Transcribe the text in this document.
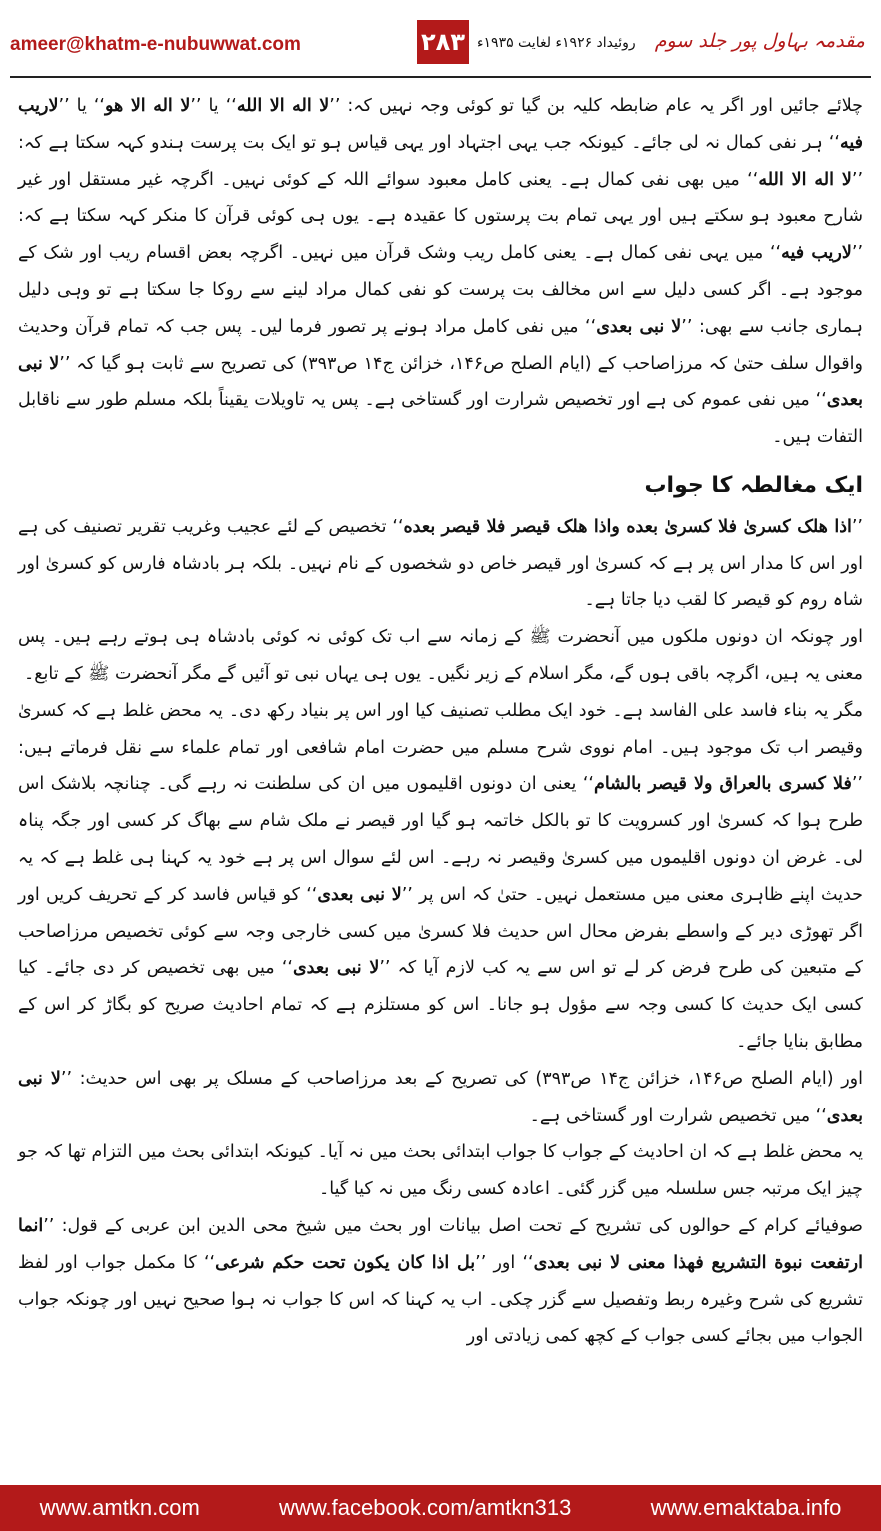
ameer@khatm-e-nubuwwat.com	۲۸۳	مقدمہ بہاول پور جلد سوم روئیداد ۱۹۲۶ء لغایت ۱۹۳۵ء

چلائے جائیں اور اگر یہ عام ضابطہ کلیہ بن گیا تو کوئی وجہ نہیں کہ: ’’لا اله الا الله‘‘ یا ’’لا اله الا هو‘‘ یا ’’لاریب فیه‘‘ ہر نفی کمال نہ لی جائے۔ کیونکہ جب یہی اجتہاد اور یہی قیاس ہو تو ایک بت پرست ہندو کہہ سکتا ہے کہ: ’’لا اله الا الله‘‘ میں بھی نفی کمال ہے۔ یعنی کامل معبود سوائے اللہ کے کوئی نہیں۔ اگرچہ غیر مستقل اور غیر شارح معبود ہو سکتے ہیں اور یہی تمام بت پرستوں کا عقیدہ ہے۔ یوں ہی کوئی قرآن کا منکر کہہ سکتا ہے کہ: ’’لاریب فیه‘‘ میں یہی نفی کمال ہے۔ یعنی کامل ریب وشک قرآن میں نہیں۔ اگرچہ بعض اقسام ریب اور شک کے موجود ہے۔ اگر کسی دلیل سے اس مخالف بت پرست کو نفی کمال مراد لینے سے روکا جا سکتا ہے تو وہی دلیل ہماری جانب سے بھی: ’’لا نبی بعدی‘‘ میں نفی کامل مراد ہونے پر تصور فرما لیں۔ پس جب کہ تمام قرآن وحدیث واقوال سلف حتیٰ کہ مرزاصاحب کے (ایام الصلح ص۱۴۶، خزائن ج۱۴ ص۳۹۳) کی تصریح سے ثابت ہو گیا کہ ’’لا نبی بعدی‘‘ میں نفی عموم کی ہے اور تخصیص شرارت اور گستاخی ہے۔ پس یہ تاویلات یقیناً بلکہ مسلم طور سے ناقابل التفات ہیں۔

ایک مغالطہ کا جواب

’’اذا هلک کسریٰ فلا کسریٰ بعده واذا هلک قیصر فلا قیصر بعده‘‘ تخصیص کے لئے عجیب وغریب تقریر تصنیف کی ہے اور اس کا مدار اس پر ہے کہ کسریٰ اور قیصر خاص دو شخصوں کے نام نہیں۔ بلکہ ہر بادشاہ فارس کو کسریٰ اور شاہ روم کو قیصر کا لقب دیا جاتا ہے۔

اور چونکہ ان دونوں ملکوں میں آنحضرت ﷺ کے زمانہ سے اب تک کوئی نہ کوئی بادشاہ ہی ہوتے رہے ہیں۔ پس معنی یہ ہیں، اگرچہ باقی ہوں گے، مگر اسلام کے زیر نگیں۔ یوں ہی یہاں نبی تو آئیں گے مگر آنحضرت ﷺ کے تابع۔

مگر یہ بناء فاسد علی الفاسد ہے۔ خود ایک مطلب تصنیف کیا اور اس پر بنیاد رکھ دی۔ یہ محض غلط ہے کہ کسریٰ وقیصر اب تک موجود ہیں۔ امام نووی شرح مسلم میں حضرت امام شافعی اور تمام علماء سے نقل فرماتے ہیں: ’’فلا کسری بالعراق ولا قیصر بالشام‘‘ یعنی ان دونوں اقلیموں میں ان کی سلطنت نہ رہے گی۔ چنانچہ بلاشک اس طرح ہوا کہ کسریٰ اور کسرویت کا تو بالکل خاتمہ ہو گیا اور قیصر نے ملک شام سے بھاگ کر کسی اور جگہ پناہ لی۔ غرض ان دونوں اقلیموں میں کسریٰ وقیصر نہ رہے۔ اس لئے سوال اس پر ہے خود یہ کہنا ہی غلط ہے کہ یہ حدیث اپنے ظاہری معنی میں مستعمل نہیں۔ حتیٰ کہ اس پر ’’لا نبی بعدی‘‘ کو قیاس فاسد کر کے تحریف کریں اور اگر تھوڑی دیر کے واسطے بفرض محال اس حدیث فلا کسریٰ میں کسی خارجی وجہ سے کوئی تخصیص مرزاصاحب کے متبعین کی طرح فرض کر لے تو اس سے یہ کب لازم آیا کہ ’’لا نبی بعدی‘‘ میں بھی تخصیص کر دی جائے۔ کیا کسی ایک حدیث کا کسی وجہ سے مؤول ہو جانا۔ اس کو مستلزم ہے کہ تمام احادیث صریح کو بگاڑ کر اس کے مطابق بنایا جائے۔

اور (ایام الصلح ص۱۴۶، خزائن ج۱۴ ص۳۹۳) کی تصریح کے بعد مرزاصاحب کے مسلک پر بھی اس حدیث: ’’لا نبی بعدی‘‘ میں تخصیص شرارت اور گستاخی ہے۔

یہ محض غلط ہے کہ ان احادیث کے جواب کا جواب ابتدائی بحث میں نہ آیا۔ کیونکہ ابتدائی بحث میں التزام تھا کہ جو چیز ایک مرتبہ جس سلسلہ میں گزر گئی۔ اعادہ کسی رنگ میں نہ کیا گیا۔

صوفیائے کرام کے حوالوں کی تشریح کے تحت اصل بیانات اور بحث میں شیخ محی الدین ابن عربی کے قول: ’’انما ارتفعت نبوة التشریع فهذا معنی لا نبی بعدی‘‘ اور ’’بل اذا کان یکون تحت حکم شرعی‘‘ کا مکمل جواب اور لفظ تشریع کی شرح وغیرہ ربط وتفصیل سے گزر چکی۔ اب یہ کہنا کہ اس کا جواب نہ ہوا صحیح نہیں اور چونکہ جواب الجواب میں بجائے کسی جواب کے کچھ کمی زیادتی اور

www.amtkn.com	www.facebook.com/amtkn313	www.emaktaba.info
